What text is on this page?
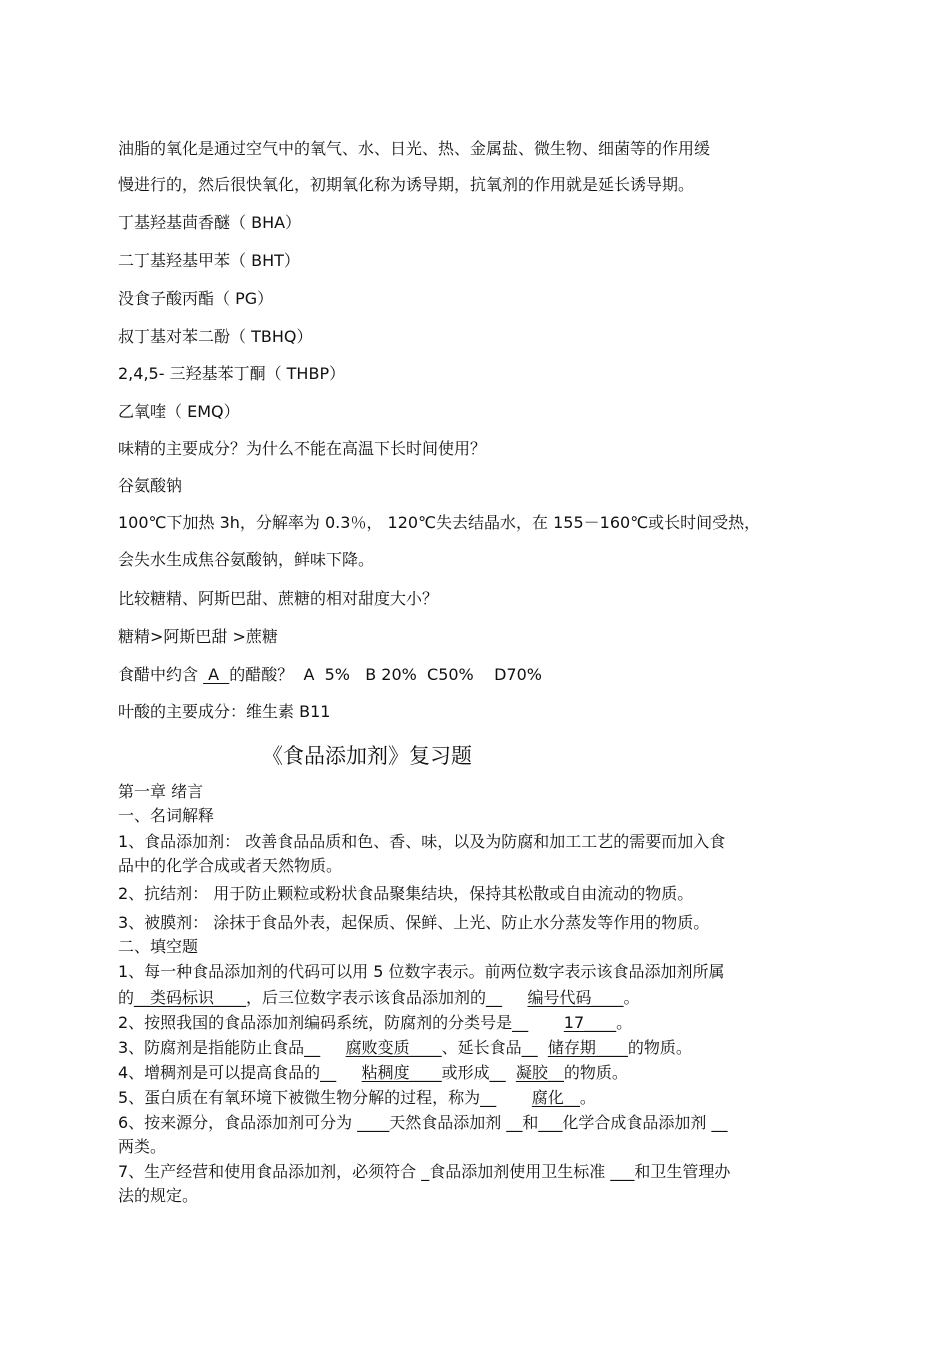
油脂的氧化是通过空气中的氧气、水、日光、热、金属盐、微生物、细菌等的作用缓
慢进行的，然后很快氧化，初期氧化称为诱导期，抗氧剂的作用就是延长诱导期。
丁基羟基茴香醚（ BHA）
二丁基羟基甲苯（ BHT）
没食子酸丙酯（ PG）
叔丁基对苯二酚（ TBHQ）
2,4,5- 三羟基苯丁酮（ THBP）
乙氧喹（ EMQ）
味精的主要成分？为什么不能在高温下长时间使用？
谷氨酸钠
100℃下加热 3h，分解率为 0.3％， 120℃失去结晶水，在 155－160℃或长时间受热，
会失水生成焦谷氨酸钠，鲜味下降。
比较糖精、阿斯巴甜、蔗糖的相对甜度大小？
糖精>阿斯巴甜 >蔗糖
食醋中约含  A  的醋酸？  A  5%   B 20%  C50%    D70%
叶酸的主要成分：维生素 B11
《食品添加剂》复习题
第一章 绪言
一、名词解释
1、食品添加剂： 改善食品品质和色、香、味，以及为防腐和加工工艺的需要而加入食
品中的化学合成或者天然物质。
2、抗结剂： 用于防止颗粒或粉状食品聚集结块，保持其松散或自由流动的物质。
3、被膜剂： 涂抹于食品外表，起保质、保鲜、上光、防止水分蒸发等作用的物质。
二、填空题
1、每一种食品添加剂的代码可以用 5 位数字表示。前两位数字表示该食品添加剂所属
的__类码标识____，后三位数字表示该食品添加剂的__     编号代码____。
2、按照我国的食品添加剂编码系统，防腐剂的分类号是__       17____。
3、防腐剂是指能防止食品__     腐败变质____、延长食品__  储存期____的物质。
4、增稠剂是可以提高食品的__     粘稠度____或形成__  凝胶__的物质。
5、蛋白质在有氧环境下被微生物分解的过程，称为__       腐化__。
6、按来源分，食品添加剂可分为 ____天然食品添加剂 __和___化学合成食品添加剂 __
两类。
7、生产经营和使用食品添加剂，必须符合 _食品添加剂使用卫生标准 ___和卫生管理办
法的规定。
